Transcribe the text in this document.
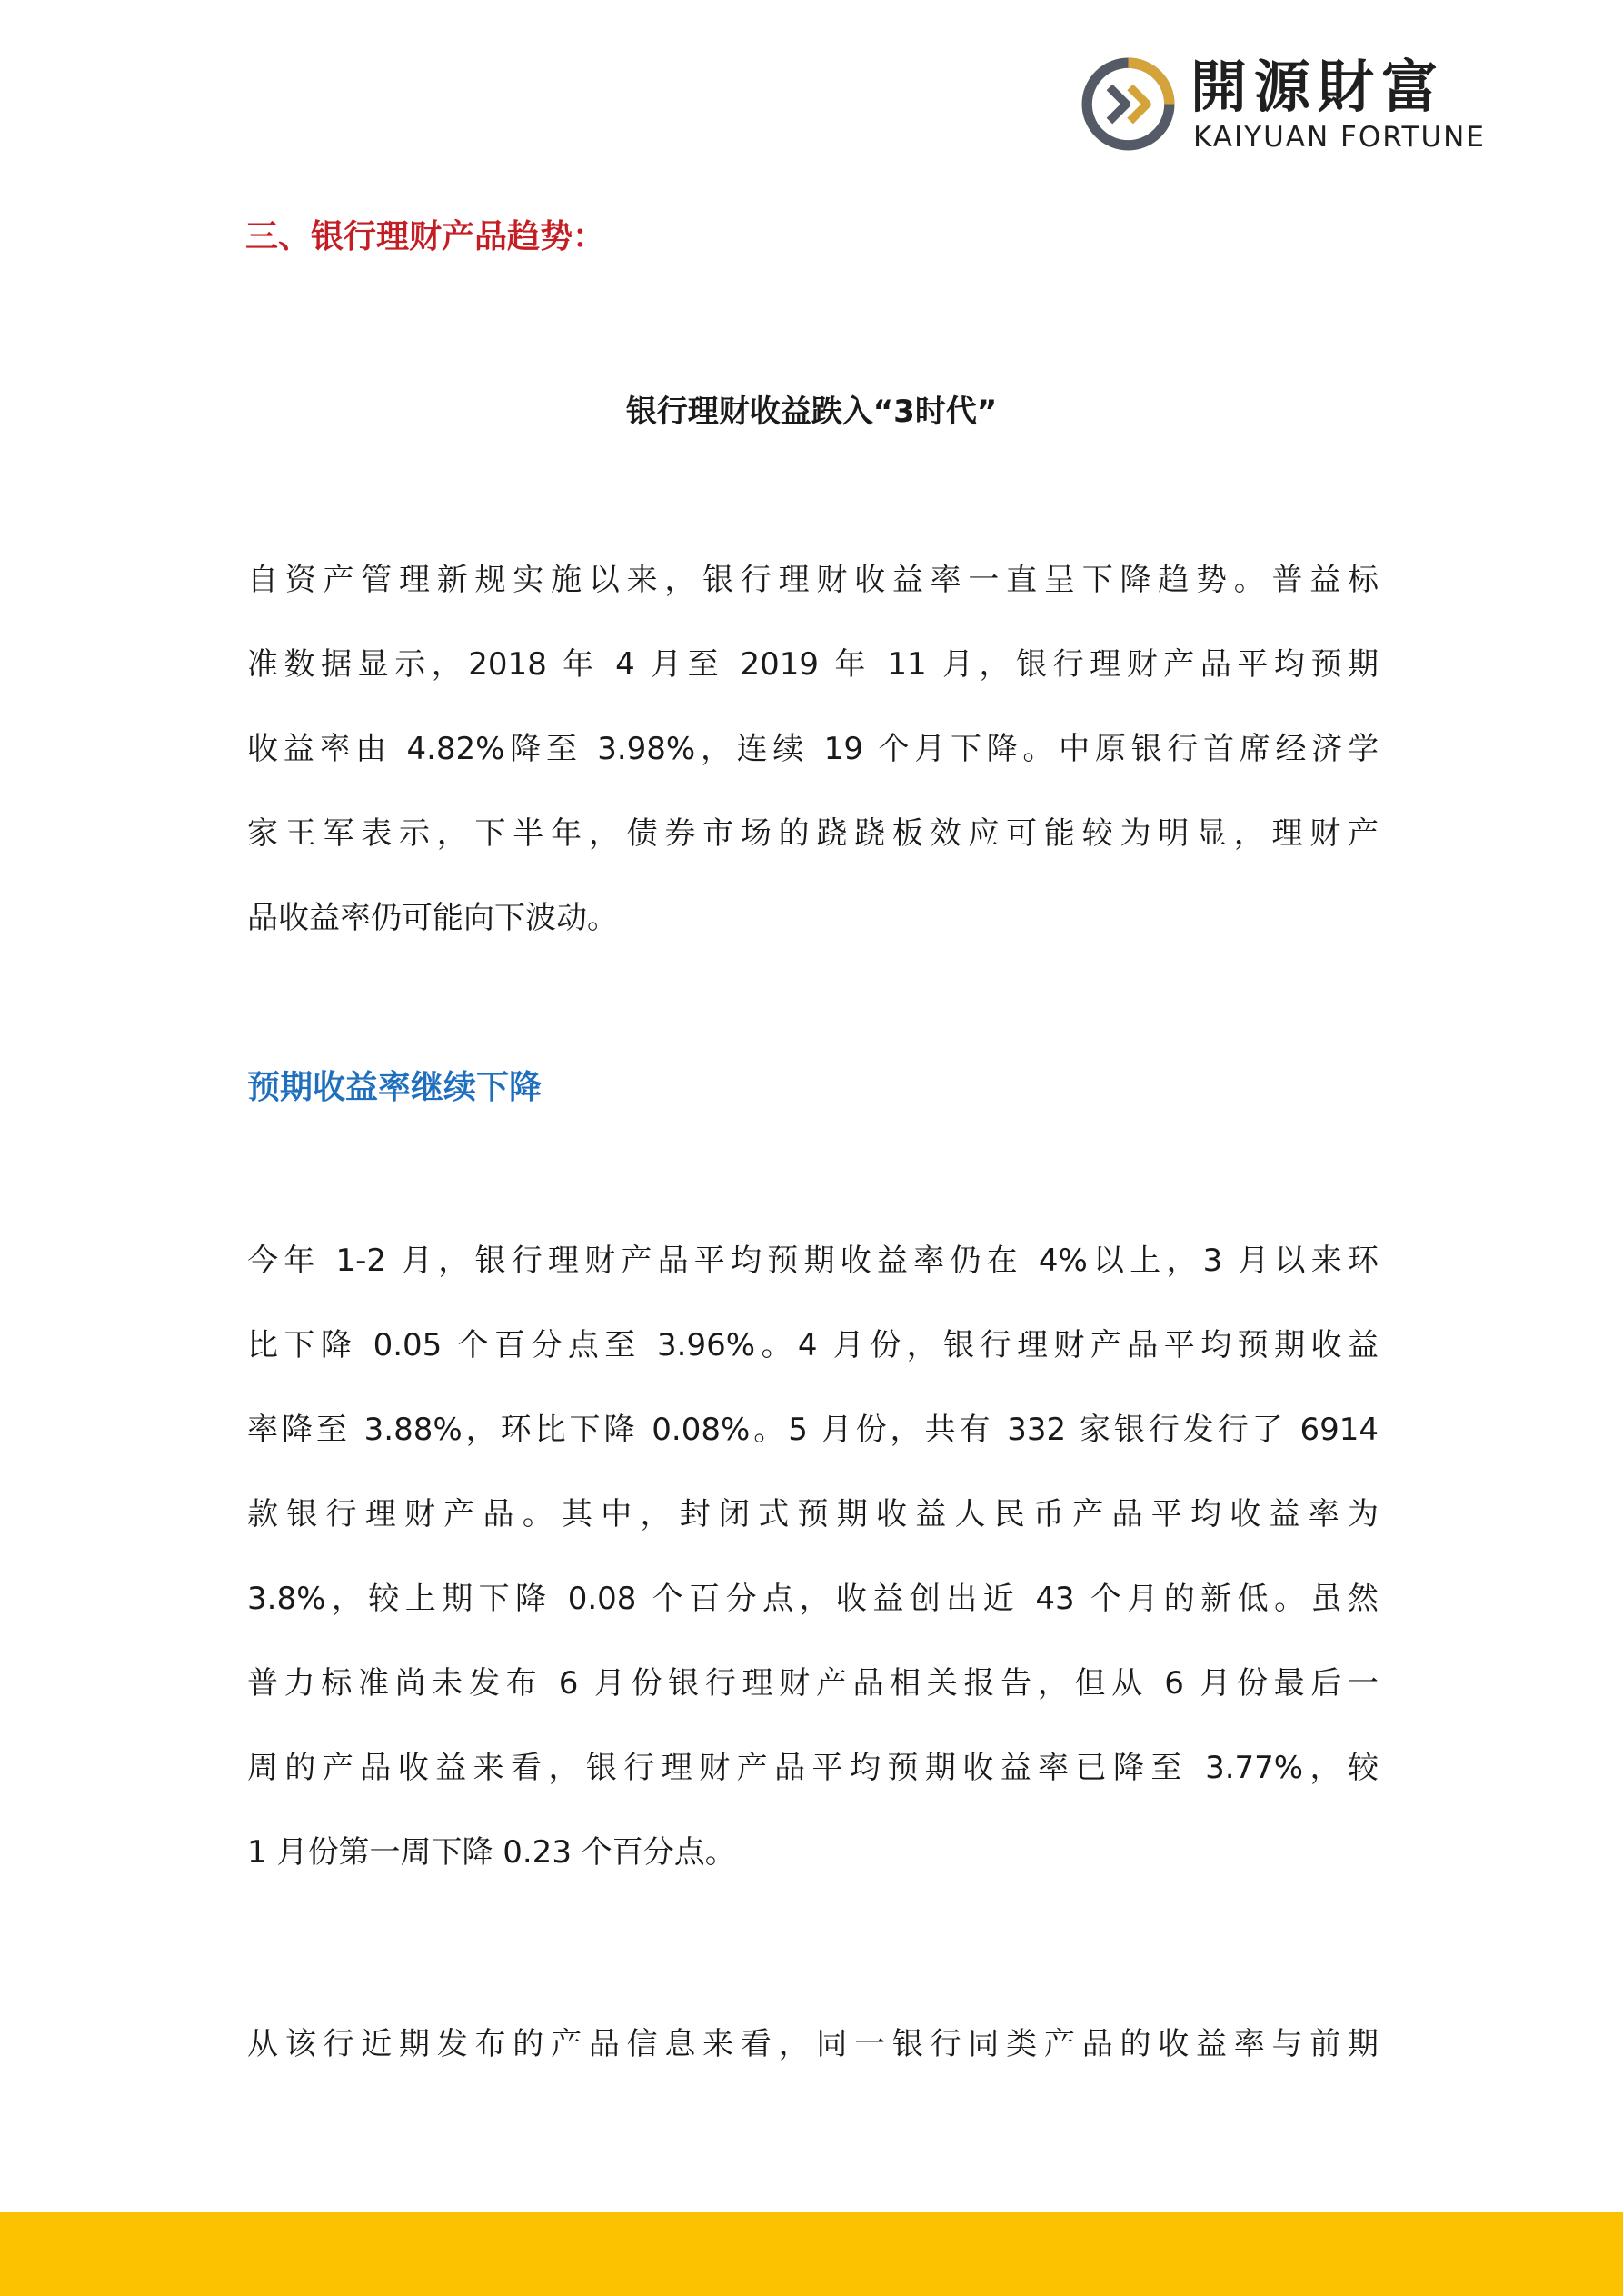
開源財富
KAIYUAN FORTUNE
三、银行理财产品趋势：
银行理财收益跌入“3时代”
自资产管理新规实施以来，银行理财收益率一直呈下降趋势。普益标
准数据显示，2018 年 4 月至 2019 年 11 月，银行理财产品平均预期
收益率由 4.82%降至 3.98%，连续 19 个月下降。中原银行首席经济学
家王军表示，下半年，债券市场的跷跷板效应可能较为明显，理财产
品收益率仍可能向下波动。
预期收益率继续下降
今年 1-2 月，银行理财产品平均预期收益率仍在 4%以上，3 月以来环
比下降 0.05 个百分点至 3.96%。4 月份，银行理财产品平均预期收益
率降至 3.88%，环比下降 0.08%。5 月份，共有 332 家银行发行了 6914
款银行理财产品。其中，封闭式预期收益人民币产品平均收益率为
3.8%，较上期下降 0.08 个百分点，收益创出近 43 个月的新低。虽然
普力标准尚未发布 6 月份银行理财产品相关报告，但从 6 月份最后一
周的产品收益来看，银行理财产品平均预期收益率已降至 3.77%，较
1 月份第一周下降 0.23 个百分点。
从该行近期发布的产品信息来看，同一银行同类产品的收益率与前期
